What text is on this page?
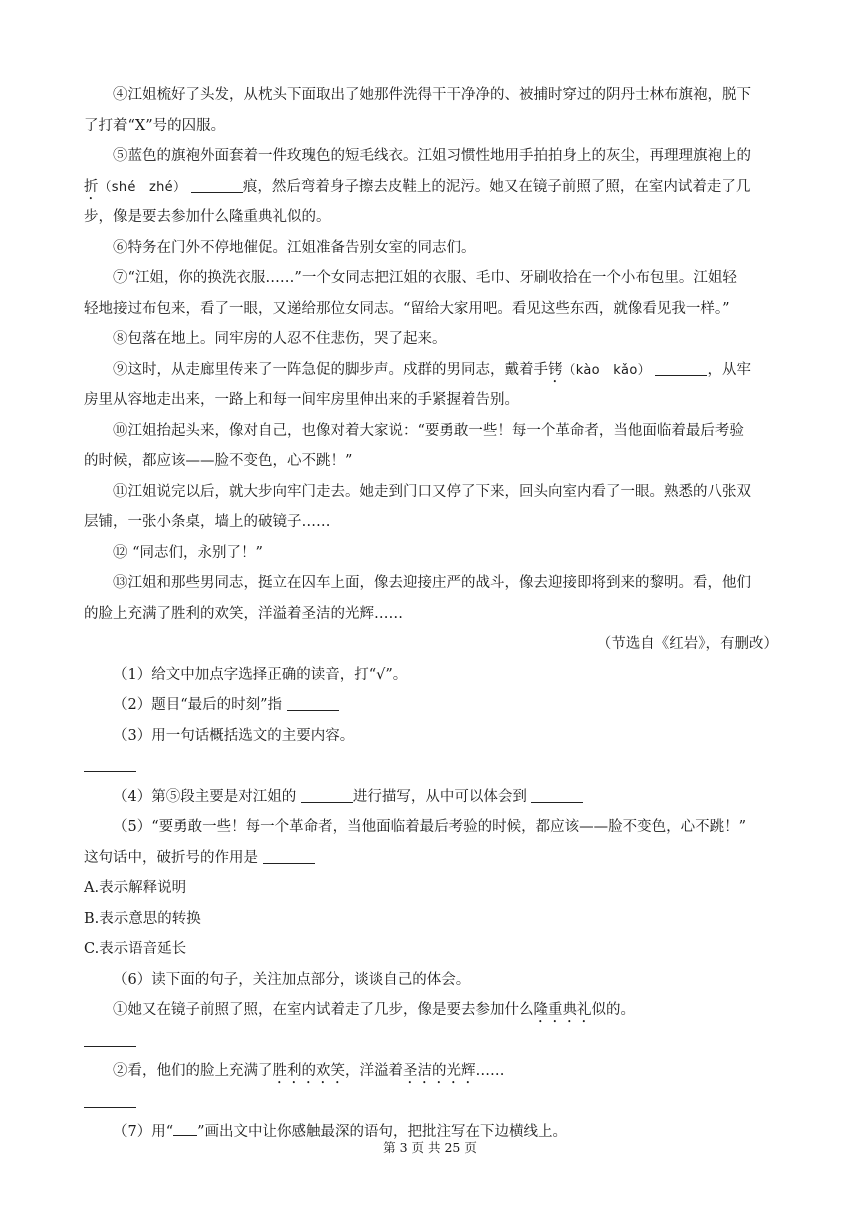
④江姐梳好了头发，从枕头下面取出了她那件洗得干干净净的、被捕时穿过的阴丹士林布旗袍，脱下
了打着“X”号的囚服。
⑤蓝色的旗袍外面套着一件玫瑰色的短毛线衣。江姐习惯性地用手拍拍身上的灰尘，再理理旗袍上的
折（shé　zhé）	痕，然后弯着身子擦去皮鞋上的泥污。她又在镜子前照了照，在室内试着走了几
步，像是要去参加什么隆重典礼似的。
⑥特务在门外不停地催促。江姐准备告别女室的同志们。
⑦“江姐，你的换洗衣服……”一个女同志把江姐的衣服、毛巾、牙刷收拾在一个小布包里。江姐轻
轻地接过布包来，看了一眼，又递给那位女同志。“留给大家用吧。看见这些东西，就像看见我一样。”
⑧包落在地上。同牢房的人忍不住悲伤，哭了起来。
⑨这时，从走廊里传来了一阵急促的脚步声。戍群的男同志，戴着手铐（kào　kǎo）	，从牢
房里从容地走出来，一路上和每一间牢房里伸出来的手紧握着告别。
⑩江姐抬起头来，像对自己，也像对着大家说：“要勇敢一些！每一个革命者，当他面临着最后考验
的时候，都应该——脸不变色，心不跳！”
⑪江姐说完以后，就大步向牢门走去。她走到门口又停了下来，回头向室内看了一眼。熟悉的八张双
层铺，一张小条桌，墙上的破镜子……
⑫ “同志们，永别了！”
⑬江姐和那些男同志，挺立在囚车上面，像去迎接庄严的战斗，像去迎接即将到来的黎明。看，他们
的脸上充满了胜利的欢笑，洋溢着圣洁的光辉……
（节选自《红岩》，有删改）
（1）给文中加点字选择正确的读音，打“√”。
（2）题目“最后的时刻”指
（3）用一句话概括选文的主要内容。
（4）第⑤段主要是对江姐的	进行描写，从中可以体会到
（5）“要勇敢一些！每一个革命者，当他面临着最后考验的时候，都应该——脸不变色，心不跳！”
这句话中，破折号的作用是
A.表示解释说明
B.表示意思的转换
C.表示语音延长
（6）读下面的句子，关注加点部分，谈谈自己的体会。
①她又在镜子前照了照，在室内试着走了几步，像是要去参加什么隆重典礼似的。
②看，他们的脸上充满了胜利的欢笑，洋溢着圣洁的光辉……
（7）用“ ”画出文中让你感触最深的语句，把批注写在下边横线上。
第 3 页 共 25 页
